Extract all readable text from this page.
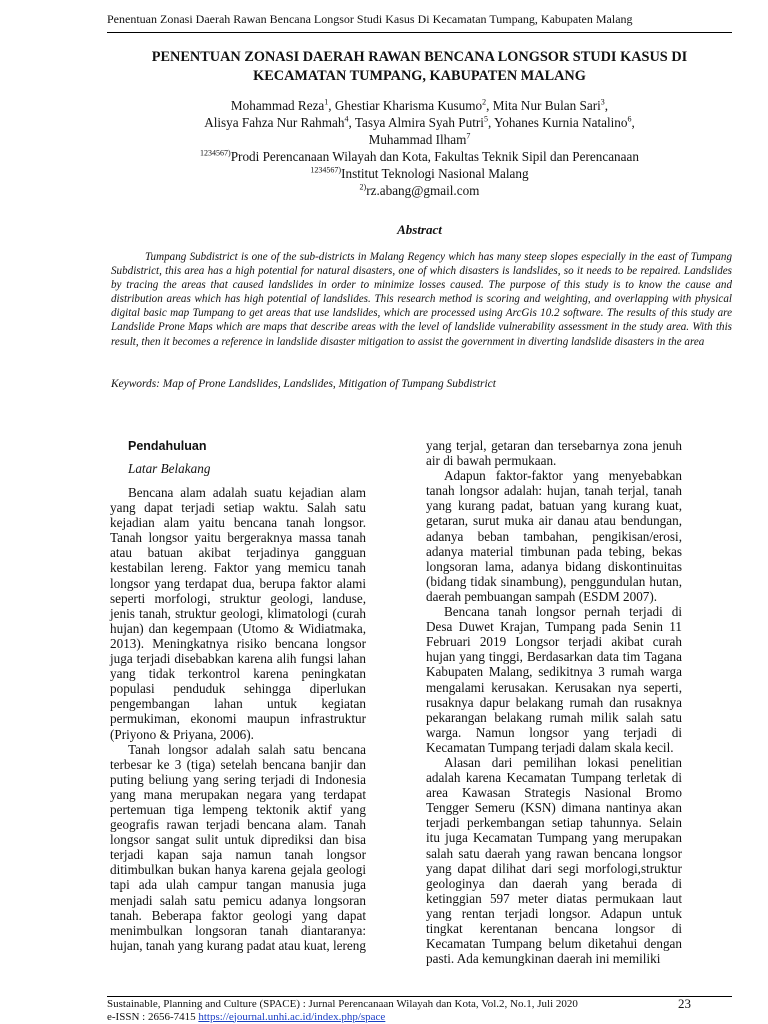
Penentuan Zonasi Daerah Rawan Bencana Longsor Studi Kasus Di Kecamatan Tumpang, Kabupaten Malang
PENENTUAN ZONASI DAERAH RAWAN BENCANA LONGSOR STUDI KASUS DI
KECAMATAN TUMPANG, KABUPATEN MALANG
Mohammad Reza$^1$, Ghestiar Kharisma Kusumo$^2$, Mita Nur Bulan Sari$^3$,
Alisya Fahza Nur Rahmah$^4$, Tasya Almira Syah Putri$^5$, Yohanes Kurnia Natalino$^6$,
Muhammad Ilham$^7$
$^{1234567)}$Prodi Perencanaan Wilayah dan Kota, Fakultas Teknik Sipil dan Perencanaan
$^{1234567)}$Institut Teknologi Nasional Malang
$^{2)}$rz.abang@gmail.com
Abstract
Tumpang Subdistrict is one of the sub-districts in Malang Regency which has many steep slopes especially in the east of Tumpang Subdistrict, this area has a high potential for natural disasters, one of which disasters is landslides, so it needs to be repaired. Landslides by tracing the areas that caused landslides in order to minimize losses caused. The purpose of this study is to know the cause and distribution areas which has high potential of landslides. This research method is scoring and weighting, and overlapping with physical digital basic map Tumpang to get areas that use landslides, which are processed using ArcGis 10.2 software. The results of this study are Landslide Prone Maps which are maps that describe areas with the level of landslide vulnerability assessment in the study area. With this result, then it becomes a reference in landslide disaster mitigation to assist the government in diverting landslide disasters in the area
Keywords: Map of Prone Landslides, Landslides, Mitigation of Tumpang Subdistrict
Pendahuluan
Latar Belakang

Bencana alam adalah suatu kejadian alam yang dapat terjadi setiap waktu. Salah satu kejadian alam yaitu bencana tanah longsor. Tanah longsor yaitu bergeraknya massa tanah atau batuan akibat terjadinya gangguan kestabilan lereng. Faktor yang memicu tanah longsor yang terdapat dua, berupa faktor alami seperti morfologi, struktur geologi, landuse, jenis tanah, struktur geologi, klimatologi (curah hujan) dan kegempaan (Utomo & Widiatmaka, 2013). Meningkatnya risiko bencana longsor juga terjadi disebabkan karena alih fungsi lahan yang tidak terkontrol karena peningkatan populasi penduduk sehingga diperlukan pengembangan lahan untuk kegiatan permukiman, ekonomi maupun infrastruktur (Priyono & Priyana, 2006).

Tanah longsor adalah salah satu bencana terbesar ke 3 (tiga) setelah bencana banjir dan puting beliung yang sering terjadi di Indonesia yang mana merupakan negara yang terdapat pertemuan tiga lempeng tektonik aktif yang geografis rawan terjadi bencana alam. Tanah longsor sangat sulit untuk diprediksi dan bisa terjadi kapan saja namun tanah longsor ditimbulkan bukan hanya karena gejala geologi tapi ada ulah campur tangan manusia juga menjadi salah satu pemicu adanya longsoran tanah. Beberapa faktor geologi yang dapat menimbulkan longsoran tanah diantaranya: hujan, tanah yang kurang padat atau kuat, lereng

yang terjal, getaran dan tersebarnya zona jenuh air di bawah permukaan.

Adapun faktor-faktor yang menyebabkan tanah longsor adalah: hujan, tanah terjal, tanah yang kurang padat, batuan yang kurang kuat, getaran, surut muka air danau atau bendungan, adanya beban tambahan, pengikisan/erosi, adanya material timbunan pada tebing, bekas longsoran lama, adanya bidang diskontinuitas (bidang tidak sinambung), penggundulan hutan, daerah pembuangan sampah (ESDM 2007).

Bencana tanah longsor pernah terjadi di Desa Duwet Krajan, Tumpang pada Senin 11 Februari 2019 Longsor terjadi akibat curah hujan yang tinggi, Berdasarkan data tim Tagana Kabupaten Malang, sedikitnya 3 rumah warga mengalami kerusakan. Kerusakan nya seperti, rusaknya dapur belakang rumah dan rusaknya pekarangan belakang rumah milik salah satu warga. Namun longsor yang terjadi di Kecamatan Tumpang terjadi dalam skala kecil.

Alasan dari pemilihan lokasi penelitian adalah karena Kecamatan Tumpang terletak di area Kawasan Strategis Nasional Bromo Tengger Semeru (KSN) dimana nantinya akan terjadi perkembangan setiap tahunnya. Selain itu juga Kecamatan Tumpang yang merupakan salah satu daerah yang rawan bencana longsor yang dapat dilihat dari segi morfologi,struktur geologinya dan daerah yang berada di ketinggian 597 meter diatas permukaan laut yang rentan terjadi longsor. Adapun untuk tingkat kerentanan bencana longsor di Kecamatan Tumpang belum diketahui dengan pasti. Ada kemungkinan daerah ini memiliki

Sustainable, Planning and Culture (SPACE) : Jurnal Perencanaan Wilayah dan Kota, Vol.2, No.1, Juli 2020
e-ISSN : 2656-7415 https://ejournal.unhi.ac.id/index.php/space
23
